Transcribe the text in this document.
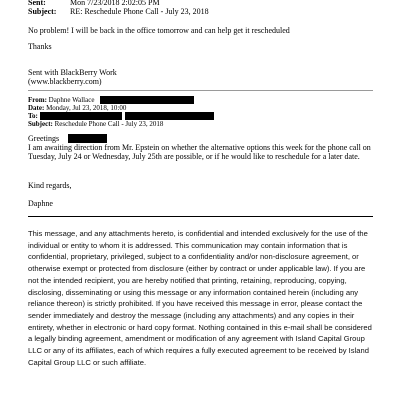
Sent:	Mon 7/23/2018 2:02:05 PM
Subject: RE: Reschedule Phone Call - July 23, 2018
No problem! I will be back in the office tomorrow and can help get it rescheduled
Thanks
Sent with BlackBerry Work
(www.blackberry.com)
From: Daphne Wallace
Date: Monday, Jul 23, 2018, 10:00
To:
Subject: Reschedule Phone Call - July 23, 2018
Greetings
I am awaiting direction from Mr. Epstein on whether the alternative options this week for the phone call on Tuesday, July 24 or Wednesday, July 25th are possible, or if he would like to reschedule for a later date.
Kind regards,
Daphne
This message, and any attachments hereto, is confidential and intended exclusively for the use of the individual or entity to whom it is addressed. This communication may contain information that is confidential, proprietary, privileged, subject to a confidentiality and/or non-disclosure agreement, or otherwise exempt or protected from disclosure (either by contract or under applicable law). If you are not the intended recipient, you are hereby notified that printing, retaining, reproducing, copying, disclosing, disseminating or using this message or any information contained herein (including any reliance thereon) is strictly prohibited. If you have received this message in error, please contact the sender immediately and destroy the message (including any attachments) and any copies in their entirety, whether in electronic or hard copy format. Nothing contained in this e-mail shall be considered a legally binding agreement, amendment or modification of any agreement with Island Capital Group LLC or any of its affiliates, each of which requires a fully executed agreement to be received by Island Capital Group LLC or such affiliate.
